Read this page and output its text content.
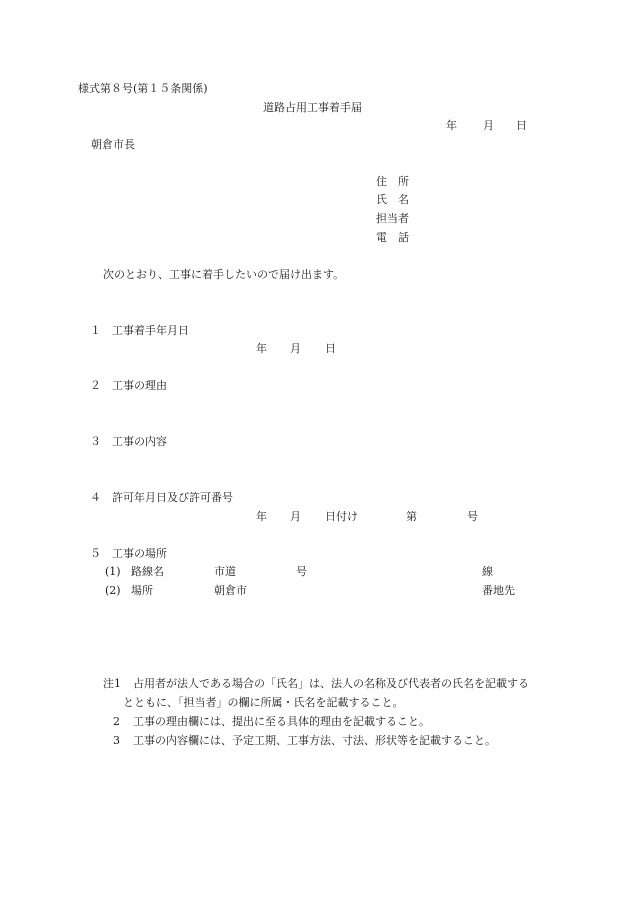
様式第８号(第１５条関係)
道路占用工事着手届
年 月 日
朝倉市長
住　所
氏　名
担当者
電　話
次のとおり、工事に着手したいので届け出ます。
１　工事着手年月日
年 月 日
２　工事の理由
３　工事の内容
４　許可年月日及び許可番号
年 月 日付け	第	号
５　工事の場所
(1) 路線名	市道	号	線
(2) 場所	朝倉市	番地先
注1 占用者が法人である場合の「氏名」は、法人の名称及び代表者の氏名を記載する
とともに、「担当者」の欄に所属・氏名を記載すること。
2 工事の理由欄には、提出に至る具体的理由を記載すること。
3 工事の内容欄には、予定工期、工事方法、寸法、形状等を記載すること。
